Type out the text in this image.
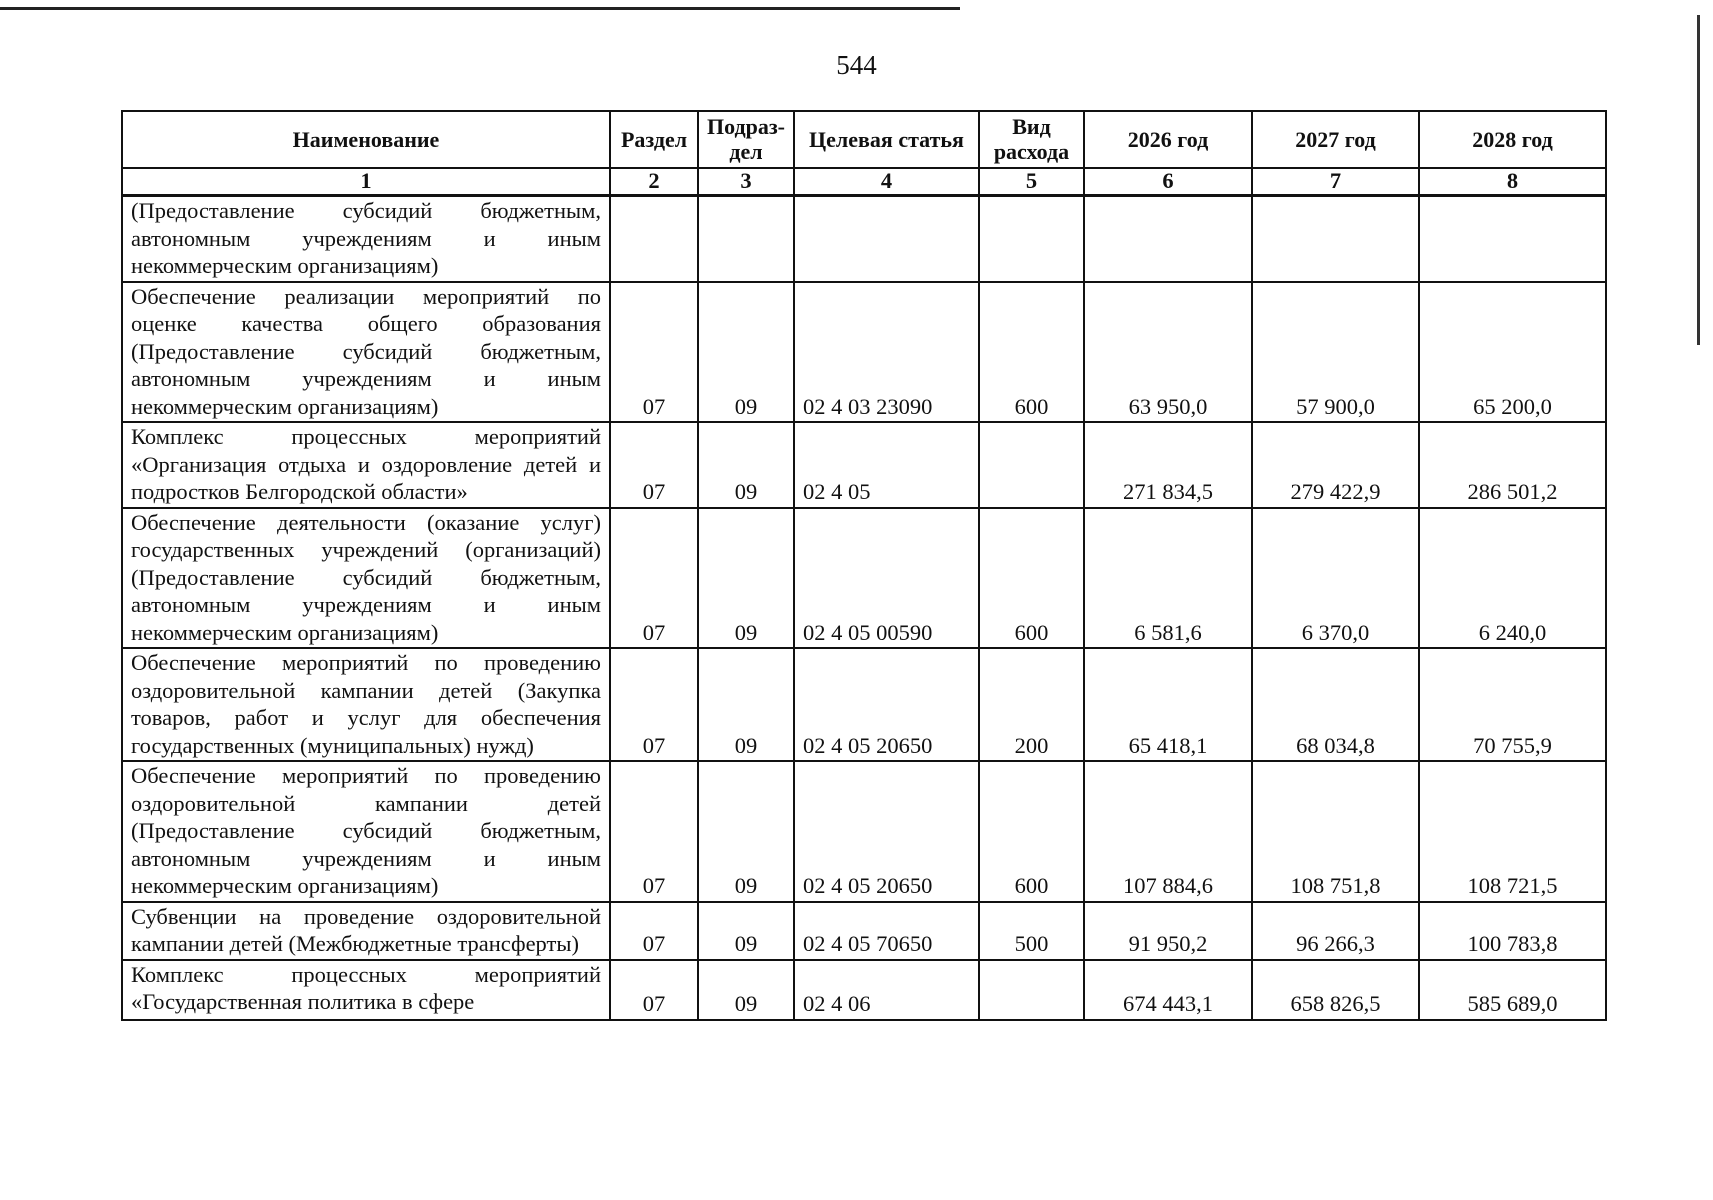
544
Наименование	Раздел	Подраз-дел	Целевая статья	Вид расхода	2026 год	2027 год	2028 год
1	2	3	4	5	6	7	8
(Предоставление субсидий бюджетным, автономным учреждениям и иным некоммерческим организациям)							
Обеспечение реализации мероприятий по оценке качества общего образования (Предоставление субсидий бюджетным, автономным учреждениям и иным некоммерческим организациям)	07	09	02 4 03 23090	600	63 950,0	57 900,0	65 200,0
Комплекс процессных мероприятий «Организация отдыха и оздоровление детей и подростков Белгородской области»	07	09	02 4 05		271 834,5	279 422,9	286 501,2
Обеспечение деятельности (оказание услуг) государственных учреждений (организаций) (Предоставление субсидий бюджетным, автономным учреждениям и иным некоммерческим организациям)	07	09	02 4 05 00590	600	6 581,6	6 370,0	6 240,0
Обеспечение мероприятий по проведению оздоровительной кампании детей (Закупка товаров, работ и услуг для обеспечения государственных (муниципальных) нужд)	07	09	02 4 05 20650	200	65 418,1	68 034,8	70 755,9
Обеспечение мероприятий по проведению оздоровительной кампании детей (Предоставление субсидий бюджетным, автономным учреждениям и иным некоммерческим организациям)	07	09	02 4 05 20650	600	107 884,6	108 751,8	108 721,5
Субвенции на проведение оздоровительной кампании детей (Межбюджетные трансферты)	07	09	02 4 05 70650	500	91 950,2	96 266,3	100 783,8
Комплекс процессных мероприятий «Государственная политика в сфере	07	09	02 4 06		674 443,1	658 826,5	585 689,0
